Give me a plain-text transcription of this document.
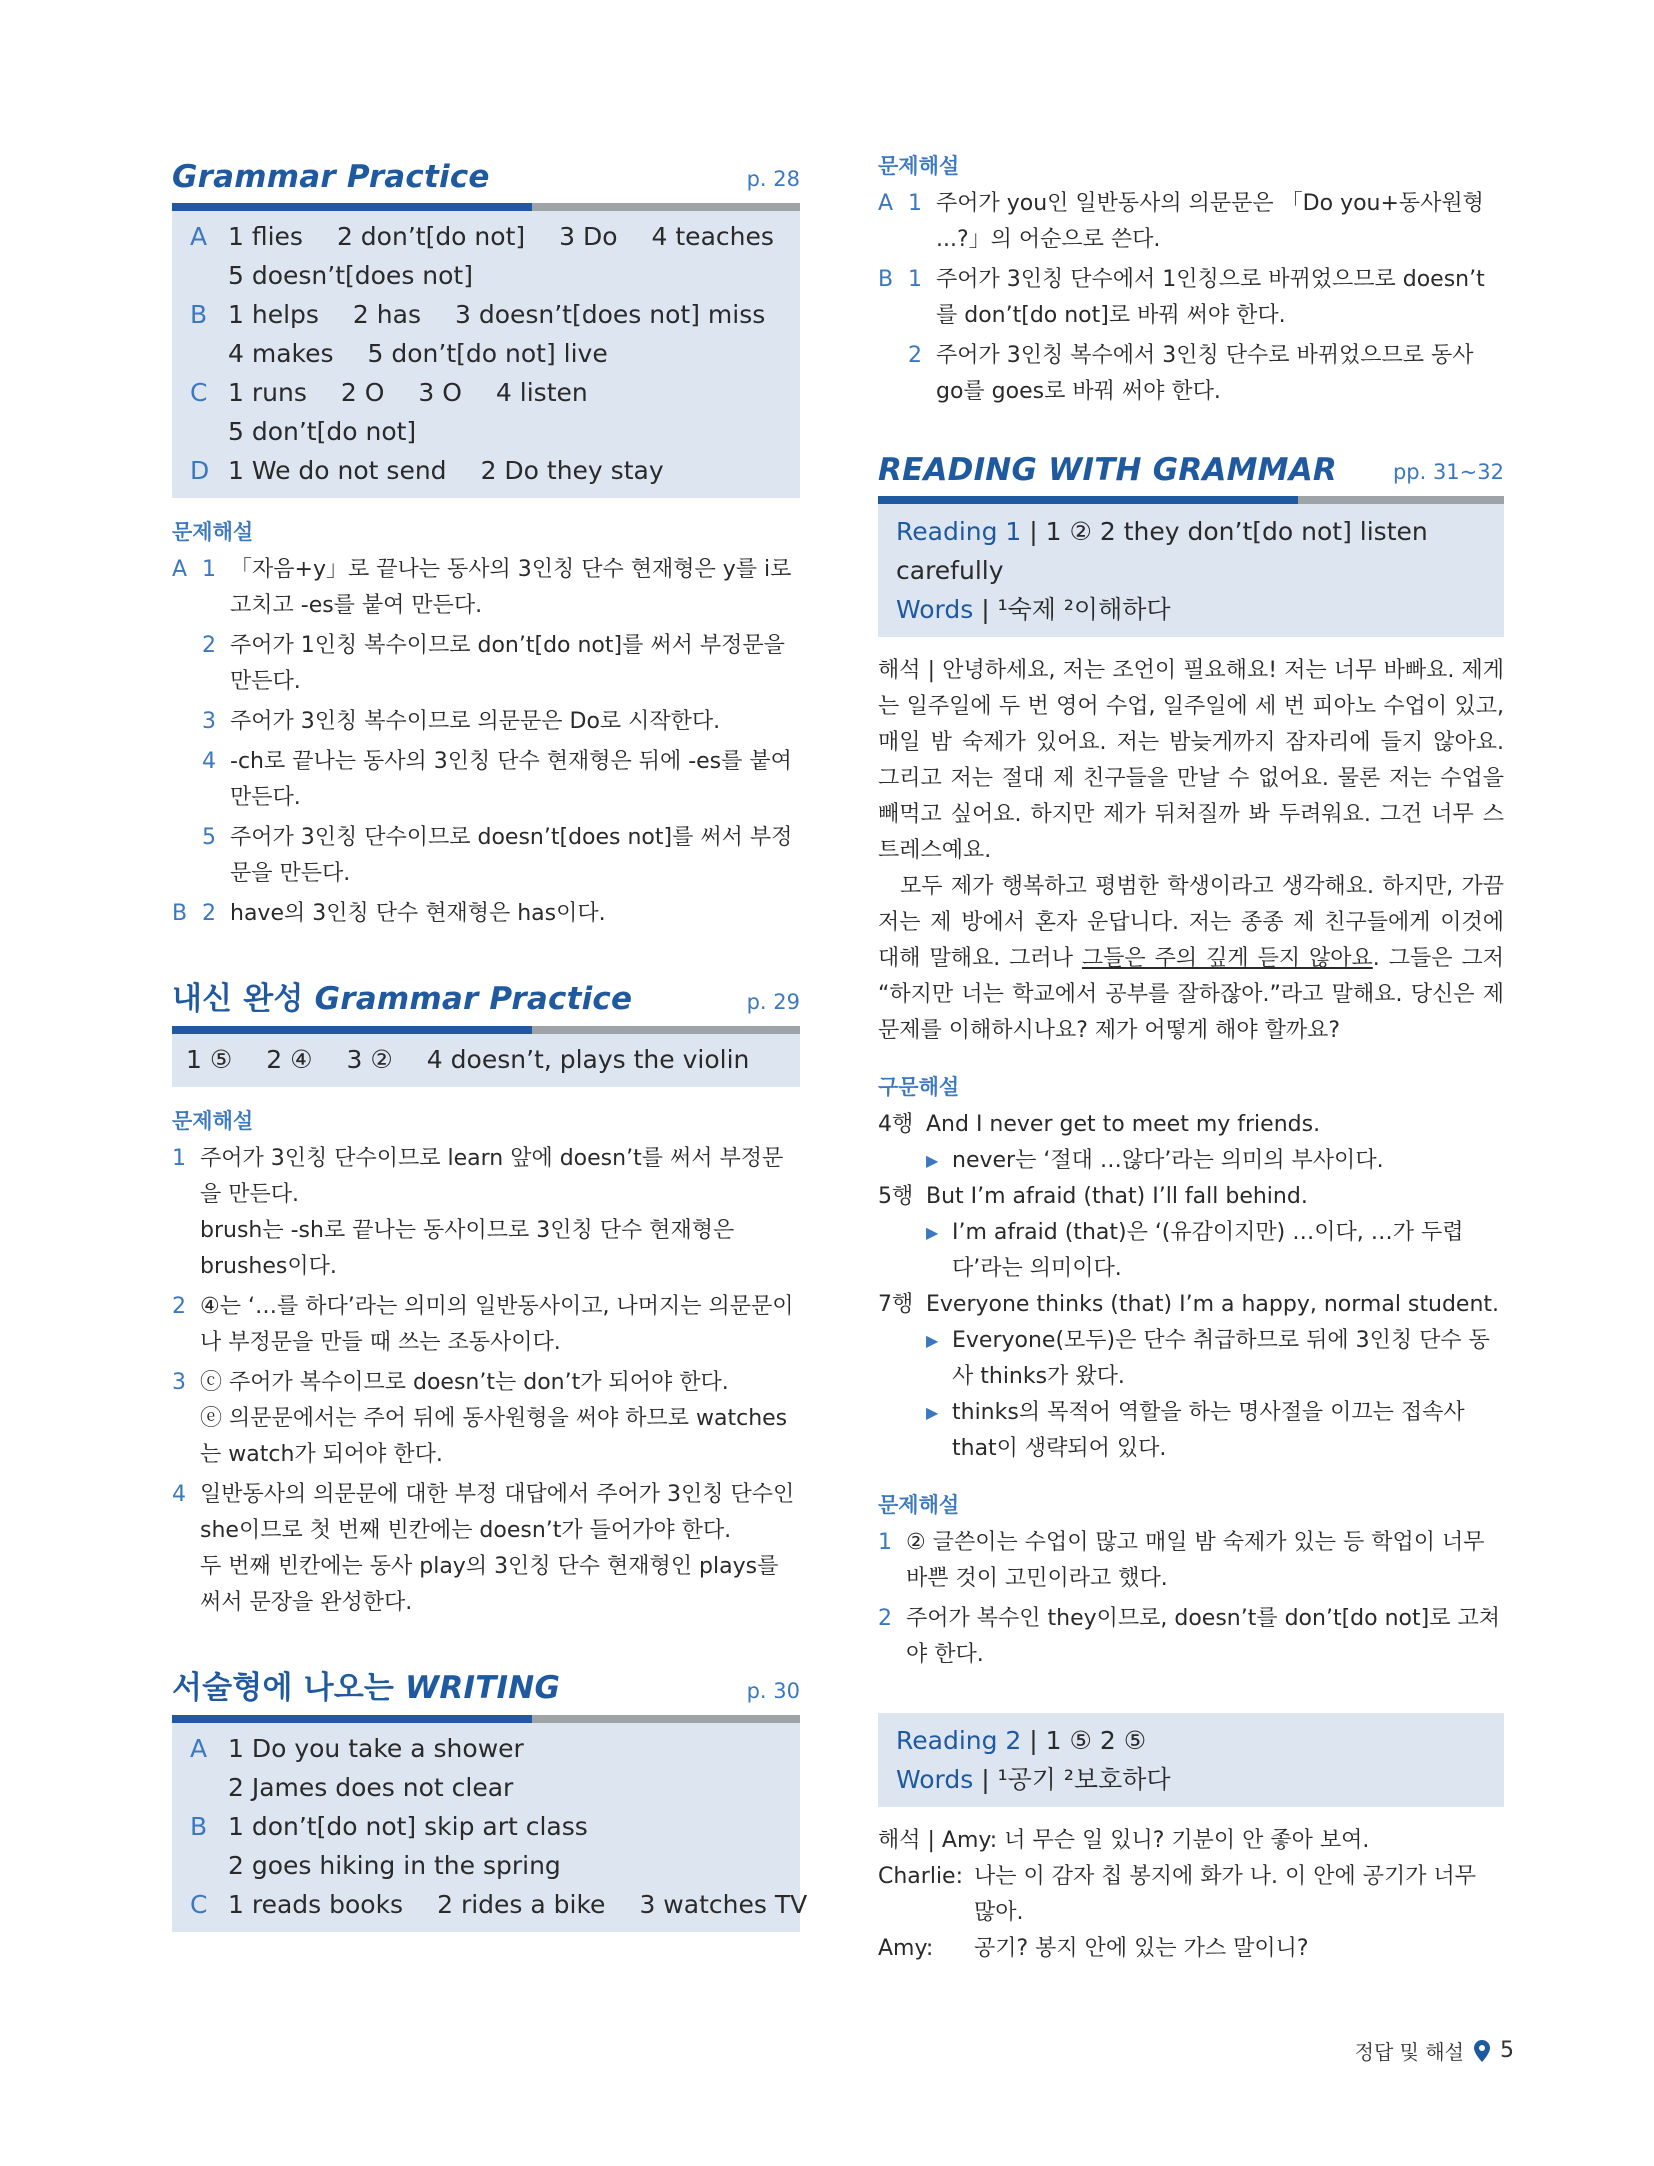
Grammar Practice	p. 28
A 1 flies 2 don’t[do not] 3 Do 4 teaches
5 doesn’t[does not]
B 1 helps 2 has 3 doesn’t[does not] miss
4 makes 5 don’t[do not] live
C 1 runs 2 O 3 O 4 listen
5 don’t[do not]
D 1 We do not send 2 Do they stay
문제해설
A 1 「자음+y」로 끝나는 동사의 3인칭 단수 현재형은 y를 i로 고치고 -es를 붙여 만든다.
2 주어가 1인칭 복수이므로 don’t[do not]를 써서 부정문을 만든다.
3 주어가 3인칭 복수이므로 의문문은 Do로 시작한다.
4 -ch로 끝나는 동사의 3인칭 단수 현재형은 뒤에 -es를 붙여 만든다.
5 주어가 3인칭 단수이므로 doesn’t[does not]를 써서 부정문을 만든다.
B 2 have의 3인칭 단수 현재형은 has이다.
내신 완성 Grammar Practice	p. 29
1 ⑤ 2 ④ 3 ② 4 doesn’t, plays the violin
문제해설
1 주어가 3인칭 단수이므로 learn 앞에 doesn’t를 써서 부정문을 만든다.
brush는 -sh로 끝나는 동사이므로 3인칭 단수 현재형은 brushes이다.
2 ④는 ‘…를 하다’라는 의미의 일반동사이고, 나머지는 의문문이나 부정문을 만들 때 쓰는 조동사이다.
3 ⓒ 주어가 복수이므로 doesn’t는 don’t가 되어야 한다.
ⓔ 의문문에서는 주어 뒤에 동사원형을 써야 하므로 watches는 watch가 되어야 한다.
4 일반동사의 의문문에 대한 부정 대답에서 주어가 3인칭 단수인 she이므로 첫 번째 빈칸에는 doesn’t가 들어가야 한다.
두 번째 빈칸에는 동사 play의 3인칭 단수 현재형인 plays를 써서 문장을 완성한다.
서술형에 나오는 WRITING	p. 30
A 1 Do you take a shower
2 James does not clear
B 1 don’t[do not] skip art class
2 goes hiking in the spring
C 1 reads books 2 rides a bike 3 watches TV
문제해설
A 1 주어가 you인 일반동사의 의문문은 「Do you+동사원형 ...?」의 어순으로 쓴다.
B 1 주어가 3인칭 단수에서 1인칭으로 바뀌었으므로 doesn’t를 don’t[do not]로 바꿔 써야 한다.
2 주어가 3인칭 복수에서 3인칭 단수로 바뀌었으므로 동사 go를 goes로 바꿔 써야 한다.
READING WITH GRAMMAR	pp. 31~32
Reading 1 | 1 ② 2 they don’t[do not] listen carefully
Words | ¹숙제 ²이해하다
해석 | 안녕하세요, 저는 조언이 필요해요! 저는 너무 바빠요. 제게는 일주일에 두 번 영어 수업, 일주일에 세 번 피아노 수업이 있고, 매일 밤 숙제가 있어요. 저는 밤늦게까지 잠자리에 들지 않아요. 그리고 저는 절대 제 친구들을 만날 수 없어요. 물론 저는 수업을 빼먹고 싶어요. 하지만 제가 뒤처질까 봐 두려워요. 그건 너무 스트레스예요.
모두 제가 행복하고 평범한 학생이라고 생각해요. 하지만, 가끔 저는 제 방에서 혼자 운답니다. 저는 종종 제 친구들에게 이것에 대해 말해요. 그러나 그들은 주의 깊게 듣지 않아요. 그들은 그저 “하지만 너는 학교에서 공부를 잘하잖아.”라고 말해요. 당신은 제 문제를 이해하시나요? 제가 어떻게 해야 할까요?
구문해설
4행 And I never get to meet my friends.
▶ never는 ‘절대 …않다’라는 의미의 부사이다.
5행 But I’m afraid (that) I’ll fall behind.
▶ I’m afraid (that)은 ‘(유감이지만) …이다, …가 두렵다’라는 의미이다.
7행 Everyone thinks (that) I’m a happy, normal student.
▶ Everyone(모두)은 단수 취급하므로 뒤에 3인칭 단수 동사 thinks가 왔다.
▶ thinks의 목적어 역할을 하는 명사절을 이끄는 접속사 that이 생략되어 있다.
문제해설
1 ② 글쓴이는 수업이 많고 매일 밤 숙제가 있는 등 학업이 너무 바쁜 것이 고민이라고 했다.
2 주어가 복수인 they이므로, doesn’t를 don’t[do not]로 고쳐야 한다.
Reading 2 | 1 ⑤ 2 ⑤
Words | ¹공기 ²보호하다
해석 | Amy: 너 무슨 일 있니? 기분이 안 좋아 보여.
Charlie: 나는 이 감자 칩 봉지에 화가 나. 이 안에 공기가 너무 많아.
Amy:	공기? 봉지 안에 있는 가스 말이니?
정답 및 해설 5
